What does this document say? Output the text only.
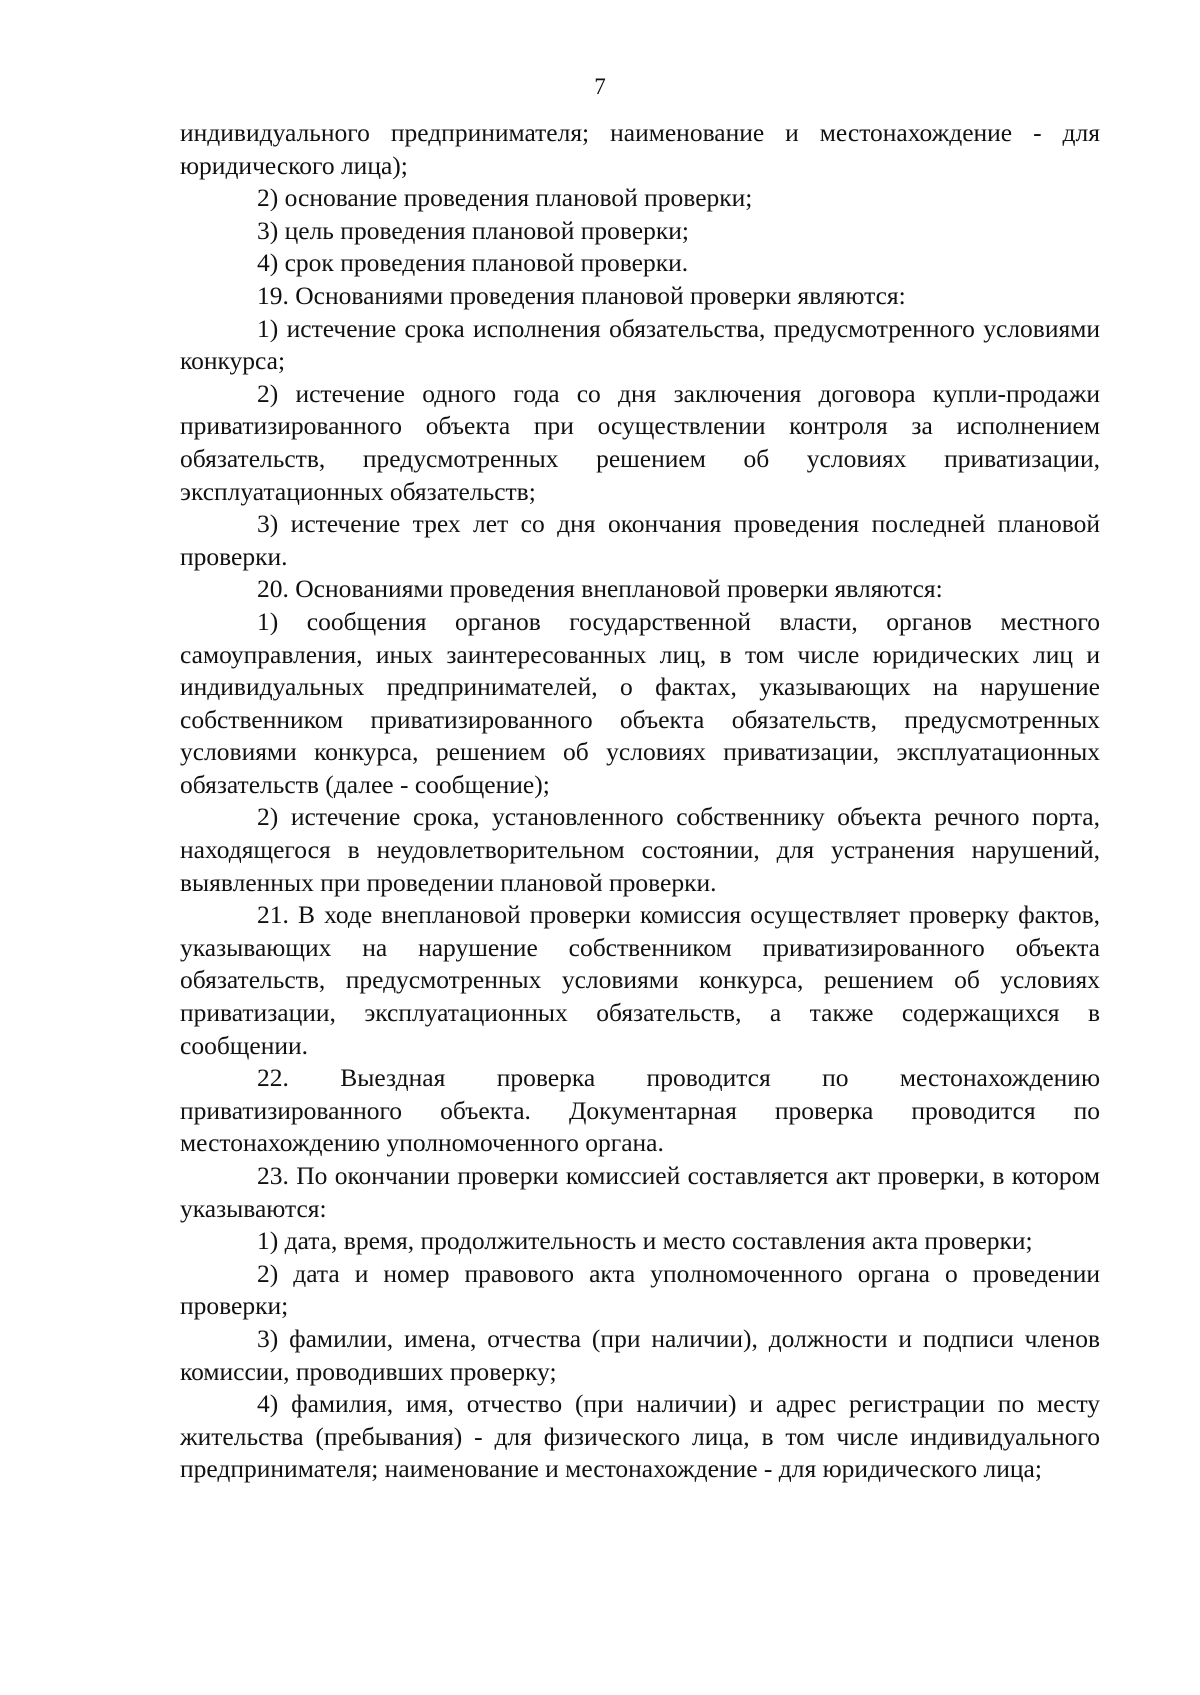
7

индивидуального предпринимателя; наименование и местонахождение - для юридического лица);

2) основание проведения плановой проверки;

3) цель проведения плановой проверки;

4) срок проведения плановой проверки.

19. Основаниями проведения плановой проверки являются:

1) истечение срока исполнения обязательства, предусмотренного условиями конкурса;

2) истечение одного года со дня заключения договора купли-продажи приватизированного объекта при осуществлении контроля за исполнением обязательств, предусмотренных решением об условиях приватизации, эксплуатационных обязательств;

3) истечение трех лет со дня окончания проведения последней плановой проверки.

20. Основаниями проведения внеплановой проверки являются:

1) сообщения органов государственной власти, органов местного самоуправления, иных заинтересованных лиц, в том числе юридических лиц и индивидуальных предпринимателей, о фактах, указывающих на нарушение собственником приватизированного объекта обязательств, предусмотренных условиями конкурса, решением об условиях приватизации, эксплуатационных обязательств (далее - сообщение);

2) истечение срока, установленного собственнику объекта речного порта, находящегося в неудовлетворительном состоянии, для устранения нарушений, выявленных при проведении плановой проверки.

21. В ходе внеплановой проверки комиссия осуществляет проверку фактов, указывающих на нарушение собственником приватизированного объекта обязательств, предусмотренных условиями конкурса, решением об условиях приватизации, эксплуатационных обязательств, а также содержащихся в сообщении.

22. Выездная проверка проводится по местонахождению приватизированного объекта. Документарная проверка проводится по местонахождению уполномоченного органа.

23. По окончании проверки комиссией составляется акт проверки, в котором указываются:

1) дата, время, продолжительность и место составления акта проверки;

2) дата и номер правового акта уполномоченного органа о проведении проверки;

3) фамилии, имена, отчества (при наличии), должности и подписи членов комиссии, проводивших проверку;

4) фамилия, имя, отчество (при наличии) и адрес регистрации по месту жительства (пребывания) - для физического лица, в том числе индивидуального предпринимателя; наименование и местонахождение - для юридического лица;
